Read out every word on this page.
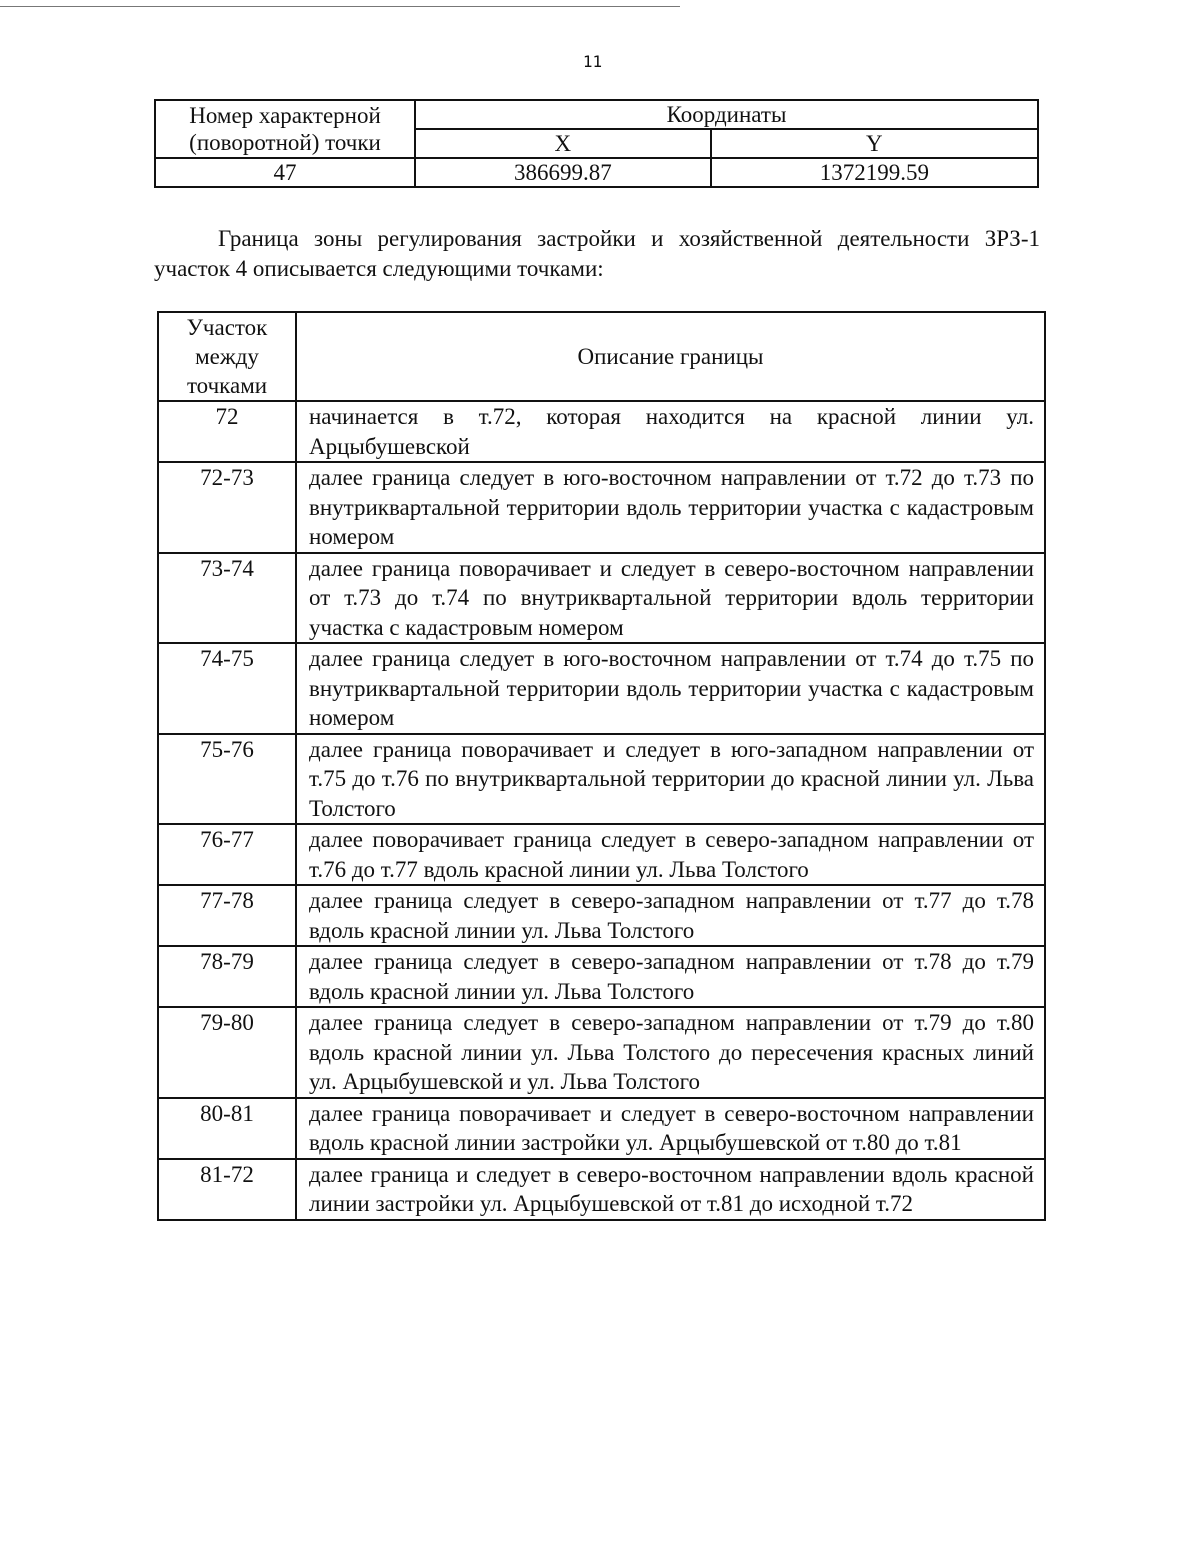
11
Номер характерной (поворотной) точки	Координаты	
	X	Y
47	386699.87	1372199.59

Граница зоны регулирования застройки и хозяйственной деятельности ЗРЗ-1 участок 4 описывается следующими точками:

Участок между точками	Описание границы
72	начинается в т.72, которая находится на красной линии ул. Арцыбушевской
72-73	далее граница следует в юго-восточном направлении от т.72 до т.73 по внутриквартальной территории вдоль территории участка с кадастровым номером
73-74	далее граница поворачивает и следует в северо-восточном направлении от т.73 до т.74 по внутриквартальной территории вдоль территории участка с кадастровым номером
74-75	далее граница следует в юго-восточном направлении от т.74 до т.75 по внутриквартальной территории вдоль территории участка с кадастровым номером
75-76	далее граница поворачивает и следует в юго-западном направлении от т.75 до т.76 по внутриквартальной территории до красной линии ул. Льва Толстого
76-77	далее поворачивает граница следует в северо-западном направлении от т.76 до т.77 вдоль красной линии ул. Льва Толстого
77-78	далее граница следует в северо-западном направлении от т.77 до т.78 вдоль красной линии ул. Льва Толстого
78-79	далее граница следует в северо-западном направлении от т.78 до т.79 вдоль красной линии ул. Льва Толстого
79-80	далее граница следует в северо-западном направлении от т.79 до т.80 вдоль красной линии ул. Льва Толстого до пересечения красных линий ул. Арцыбушевской и ул. Льва Толстого
80-81	далее граница поворачивает и следует в северо-восточном направлении вдоль красной линии застройки ул. Арцыбушевской от т.80 до т.81
81-72	далее граница и следует в северо-восточном направлении вдоль красной линии застройки ул. Арцыбушевской от т.81 до исходной т.72
